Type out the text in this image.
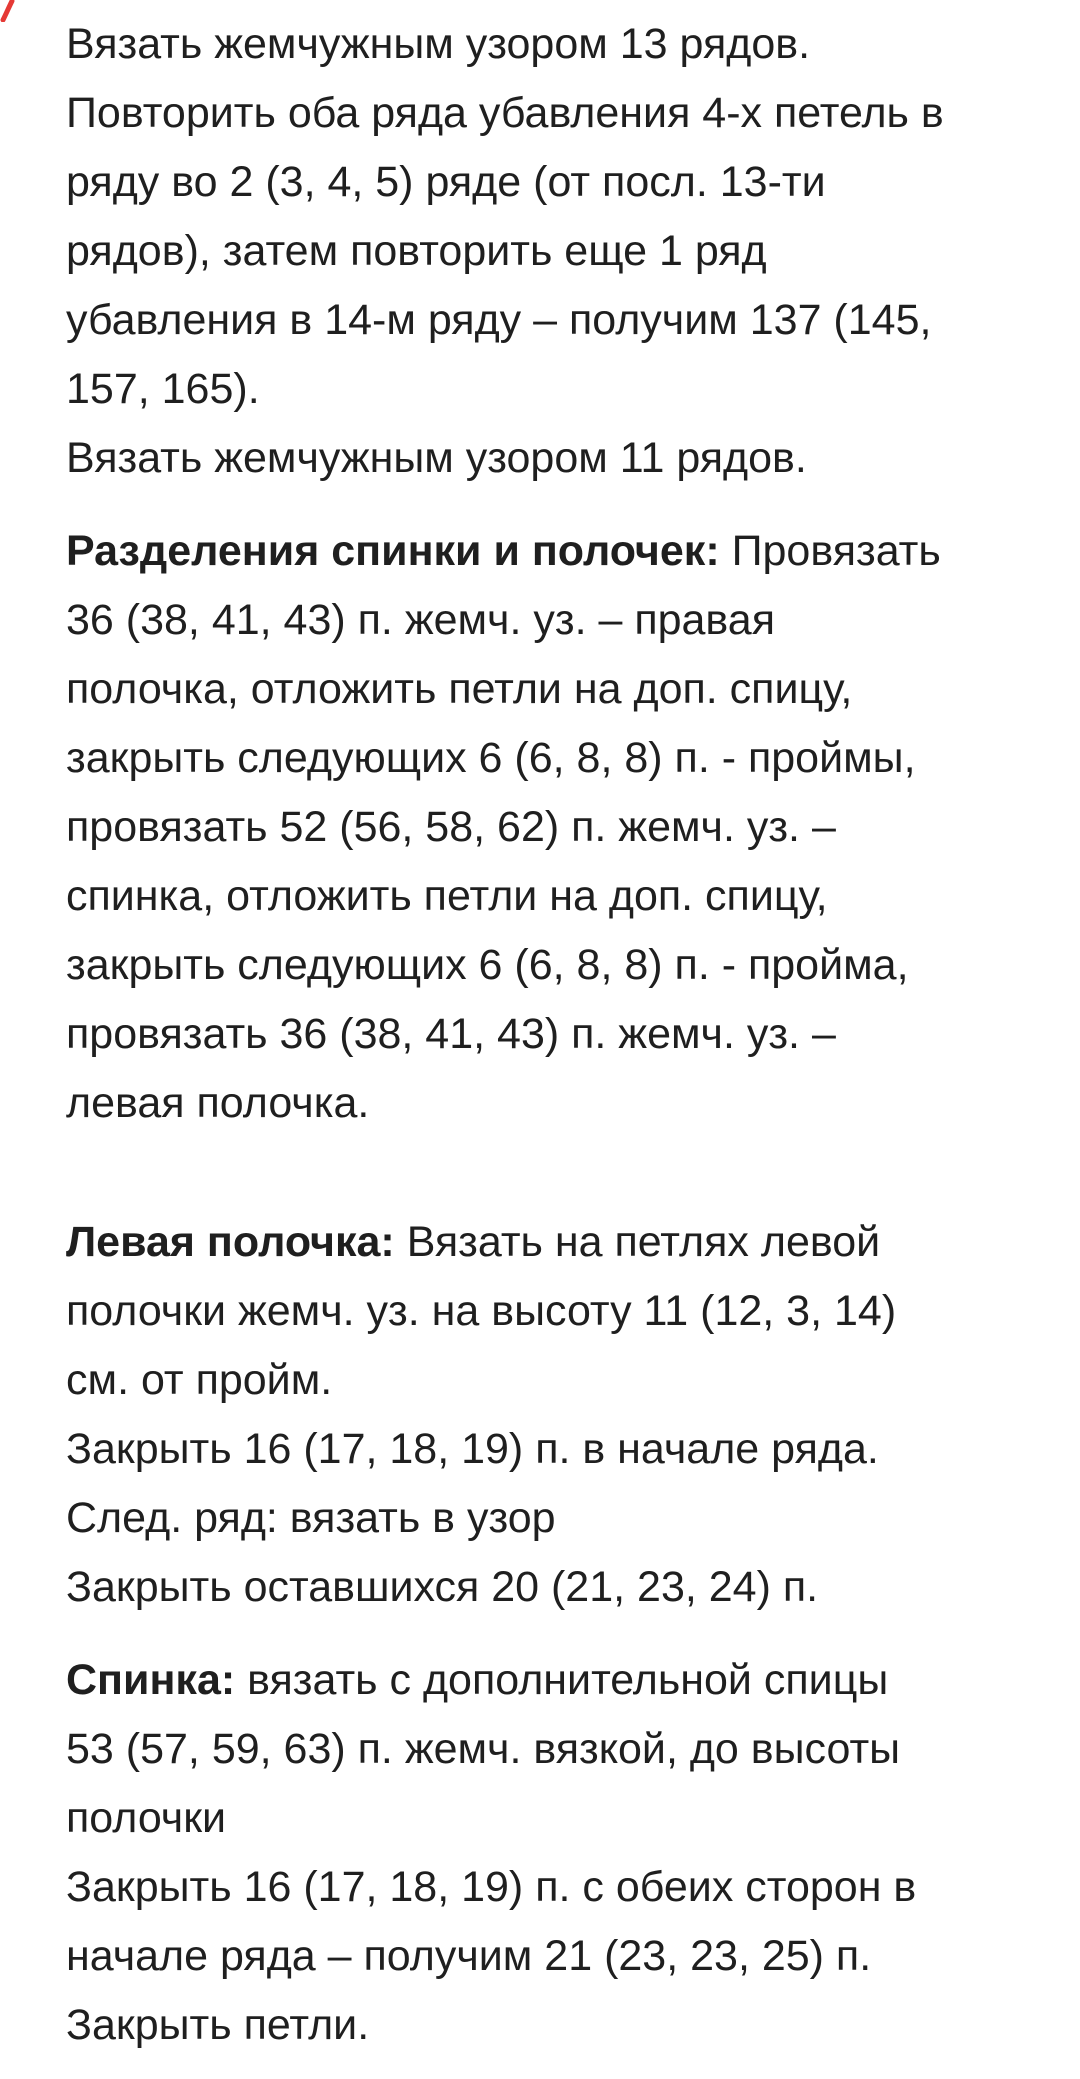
Вязать жемчужным узором 13 рядов.
Повторить оба ряда убавления 4-х петель в
ряду во 2 (3, 4, 5) ряде (от посл. 13-ти
рядов), затем повторить еще 1 ряд
убавления в 14-м ряду – получим 137 (145,
157, 165).
Вязать жемчужным узором 11 рядов.
Разделения спинки и полочек: Провязать
36 (38, 41, 43) п. жемч. уз. – правая
полочка, отложить петли на доп. спицу,
закрыть следующих 6 (6, 8, 8) п. - проймы,
провязать 52 (56, 58, 62) п. жемч. уз. –
спинка, отложить петли на доп. спицу,
закрыть следующих 6 (6, 8, 8) п. - пройма,
провязать 36 (38, 41, 43) п. жемч. уз. –
левая полочка.
Левая полочка: Вязать на петлях левой
полочки жемч. уз. на высоту 11 (12, 3, 14)
см. от пройм.
Закрыть 16 (17, 18, 19) п. в начале ряда.
След. ряд: вязать в узор
Закрыть оставшихся 20 (21, 23, 24) п.
Спинка: вязать с дополнительной спицы
53 (57, 59, 63) п. жемч. вязкой, до высоты
полочки
Закрыть 16 (17, 18, 19) п. с обеих сторон в
начале ряда – получим 21 (23, 23, 25) п.
Закрыть петли.
